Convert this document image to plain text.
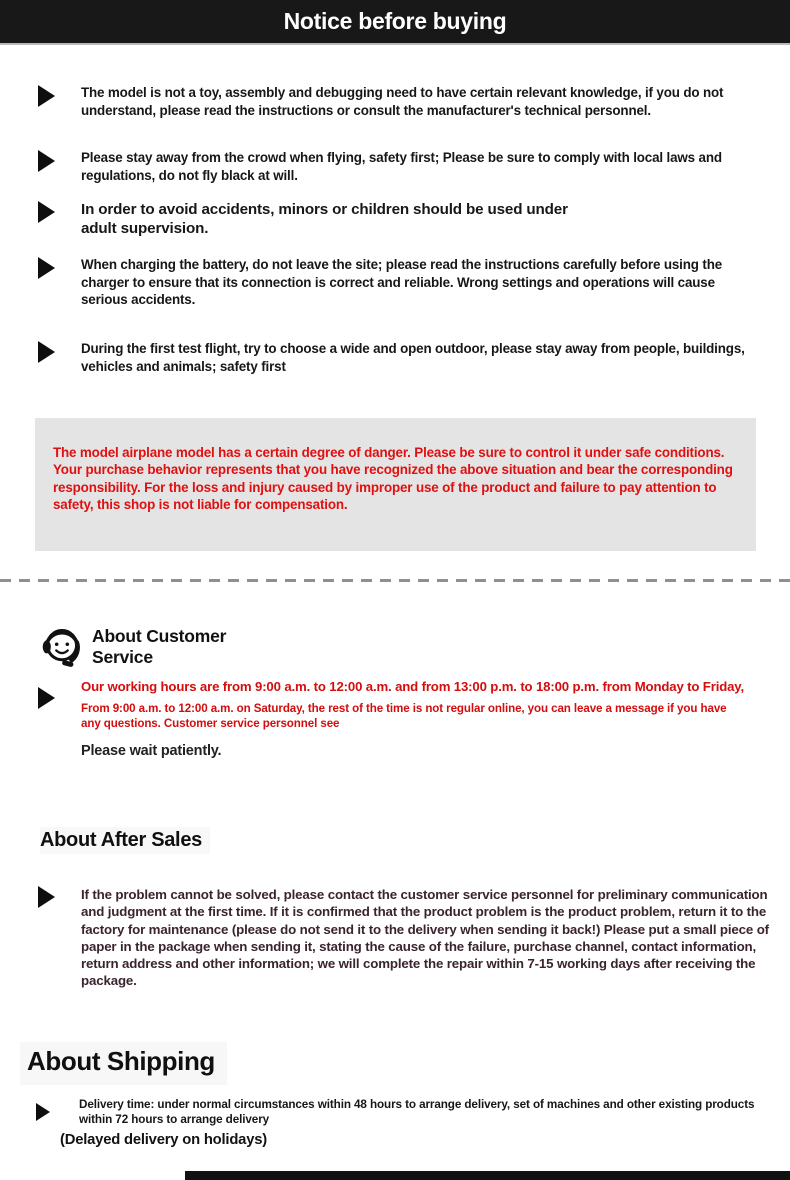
Notice before buying
The model is not a toy, assembly and debugging need to have certain relevant knowledge, if you do not understand, please read the instructions or consult the manufacturer's technical personnel.
Please stay away from the crowd when flying, safety first; Please be sure to comply with local laws and regulations, do not fly black at will.
In order to avoid accidents, minors or children should be used under adult supervision.
When charging the battery, do not leave the site; please read the instructions carefully before using the charger to ensure that its connection is correct and reliable. Wrong settings and operations will cause serious accidents.
During the first test flight, try to choose a wide and open outdoor, please stay away from people, buildings, vehicles and animals; safety first
The model airplane model has a certain degree of danger. Please be sure to control it under safe conditions. Your purchase behavior represents that you have recognized the above situation and bear the corresponding responsibility. For the loss and injury caused by improper use of the product and failure to pay attention to safety, this shop is not liable for compensation.
About Customer Service
Our working hours are from 9:00 a.m. to 12:00 a.m. and from 13:00 p.m. to 18:00 p.m. from Monday to Friday,
From 9:00 a.m. to 12:00 a.m. on Saturday, the rest of the time is not regular online, you can leave a message if you have any questions. Customer service personnel see
Please wait patiently.
About After Sales
If the problem cannot be solved, please contact the customer service personnel for preliminary communication and judgment at the first time. If it is confirmed that the product problem is the product problem, return it to the factory for maintenance (please do not send it to the delivery when sending it back!) Please put a small piece of paper in the package when sending it, stating the cause of the failure, purchase channel, contact information, return address and other information; we will complete the repair within 7-15 working days after receiving the package.
About Shipping
Delivery time: under normal circumstances within 48 hours to arrange delivery, set of machines and other existing products within 72 hours to arrange delivery
(Delayed delivery on holidays)
